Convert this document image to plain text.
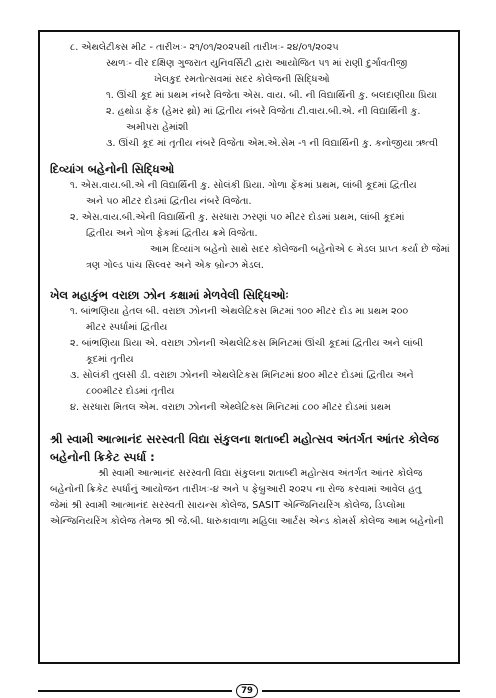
૮. એથલેટીક્સ મીટ - તારીખઃ- ૨૧/૦૧/૨૦૨૫થી તારીખઃ- ૨૪/૦૧/૨૦૨૫
સ્થળઃ- વીર દક્ષિણ ગુજરાત યુનિવર્સિટી દ્વારા આયોજિત ૫૧ માં રાણી દુર્ગાવતીજી
ખેલકુદ રમતોત્સવમાં સદર કોલેજની સિદ્ધિઓ
૧. ઊંચી કૂદ માં પ્રથમ નંબરે વિજેતા એસ. વાય. બી. ની વિદ્યાર્થિની કુ. બલદાણીયા પ્રિયા
૨. હથોડા ફેંક (હેમર થ્રો) માં દ્વિતીય નંબરે વિજેતા ટી.વાય.બી.એ. ની વિદ્યાર્થિની કુ.
અમીપરા હેમાંશી
૩. ઊંચી કૂદ માં તૃતીય નંબરે વિજેતા એમ.એ.સેમ -૧ ની વિદ્યાર્થિની કુ. કનોજીયા ઋત્વી
દિવ્યાંગ બહેનોની સિદ્ધિઓ
૧. એસ.વાય.બી.એ ની વિદ્યાર્થિની કુ. સોલંકી પ્રિયા. ગોળા ફેંકમાં પ્રથમ, લાંબી કૂદમાં દ્વિતીય
અને ૫૦ મીટર દોડમાં દ્વિતીય નંબરે વિજેતા.
૨. એસ.વાય.બી.એની વિદ્યાર્થિની કુ. સરધારા ઝરણાં ૫૦ મીટર દોડમાં પ્રથમ, લાંબી કૂદમાં
દ્વિતીય અને ગોળ ફેકમાં દ્વિતીય ક્રમે વિજેતા.
આમ દિવ્યાંગ બહેનો સાથે સદર કોલેજની બહેનોએ ૯ મેડલ પ્રાપ્ત કર્યા છે જેમાં
ત્રણ ગોલ્ડ પાંચ સિલ્વર અને એક બ્રોન્ઝ મેડલ.
ખેલ મહાકુંભ વરાછા ઝોન કક્ષામાં મેળવેલી સિદ્ધિઓઃ
૧. બાંભણિયા હેતલ બી. વરાછા ઝોનની એથલેટિકસ મિટમાં ૧૦૦ મીટર દોડ મા પ્રથમ ૨૦૦
મીટર સ્પર્ધામાં દ્વિતીય
૨. બાંભણિયા પ્રિયા એ. વરાછા ઝોનની એથલેટિકસ મિનિટમાં ઊંચી કૂદમાં દ્વિતીય અને લાંબી
કૂદમાં તૃતીય
૩. સોલંકી તુલસી ડી. વરાછા ઝોનની એથલેટિકસ મિનિટમાં ૪૦૦ મીટર દોડમાં દ્વિતીય અને
૮૦૦મીટર દોડમાં તૃતીય
૪. સરધારા મિતલ એમ. વરાછા ઝોનની એથ્લેટિક્સ મિનિટમાં ૮૦૦ મીટર દોડમાં પ્રથમ
શ્રી સ્વામી આત્માનંદ સરસ્વતી વિદ્યા સંકુલના શતાબ્દી મહોત્સવ અંતર્ગત આંતર કોલેજ
બહેનોની ક્રિકેટ સ્પર્ધા :
શ્રી સ્વામી આત્માનંદ સરસ્વતી વિદ્યા સંકુલના શતાબ્દી મહોત્સવ અંતર્ગત આંતર કોલેજ
બહેનોની ક્રિકેટ સ્પર્ધાનું આયોજન તારીખઃ-૪ અને ૫ ફેબ્રુઆરી ૨૦૨૫ ના રોજ કરવામાં આવેલ હતુ
જેમાં શ્રી સ્વામી આત્માનંદ સરસ્વતી સાયન્સ કોલેજ, SASIT એન્જિનિયરિંગ કોલેજ, ડિપ્લોમા
એન્જિનિયરિંગ કોલેજ તેમજ શ્રી જે.બી. ધારુકાવાળા મહિલા આર્ટસ એન્ડ કોમર્સ કોલેજ આમ બહેનોની
79
